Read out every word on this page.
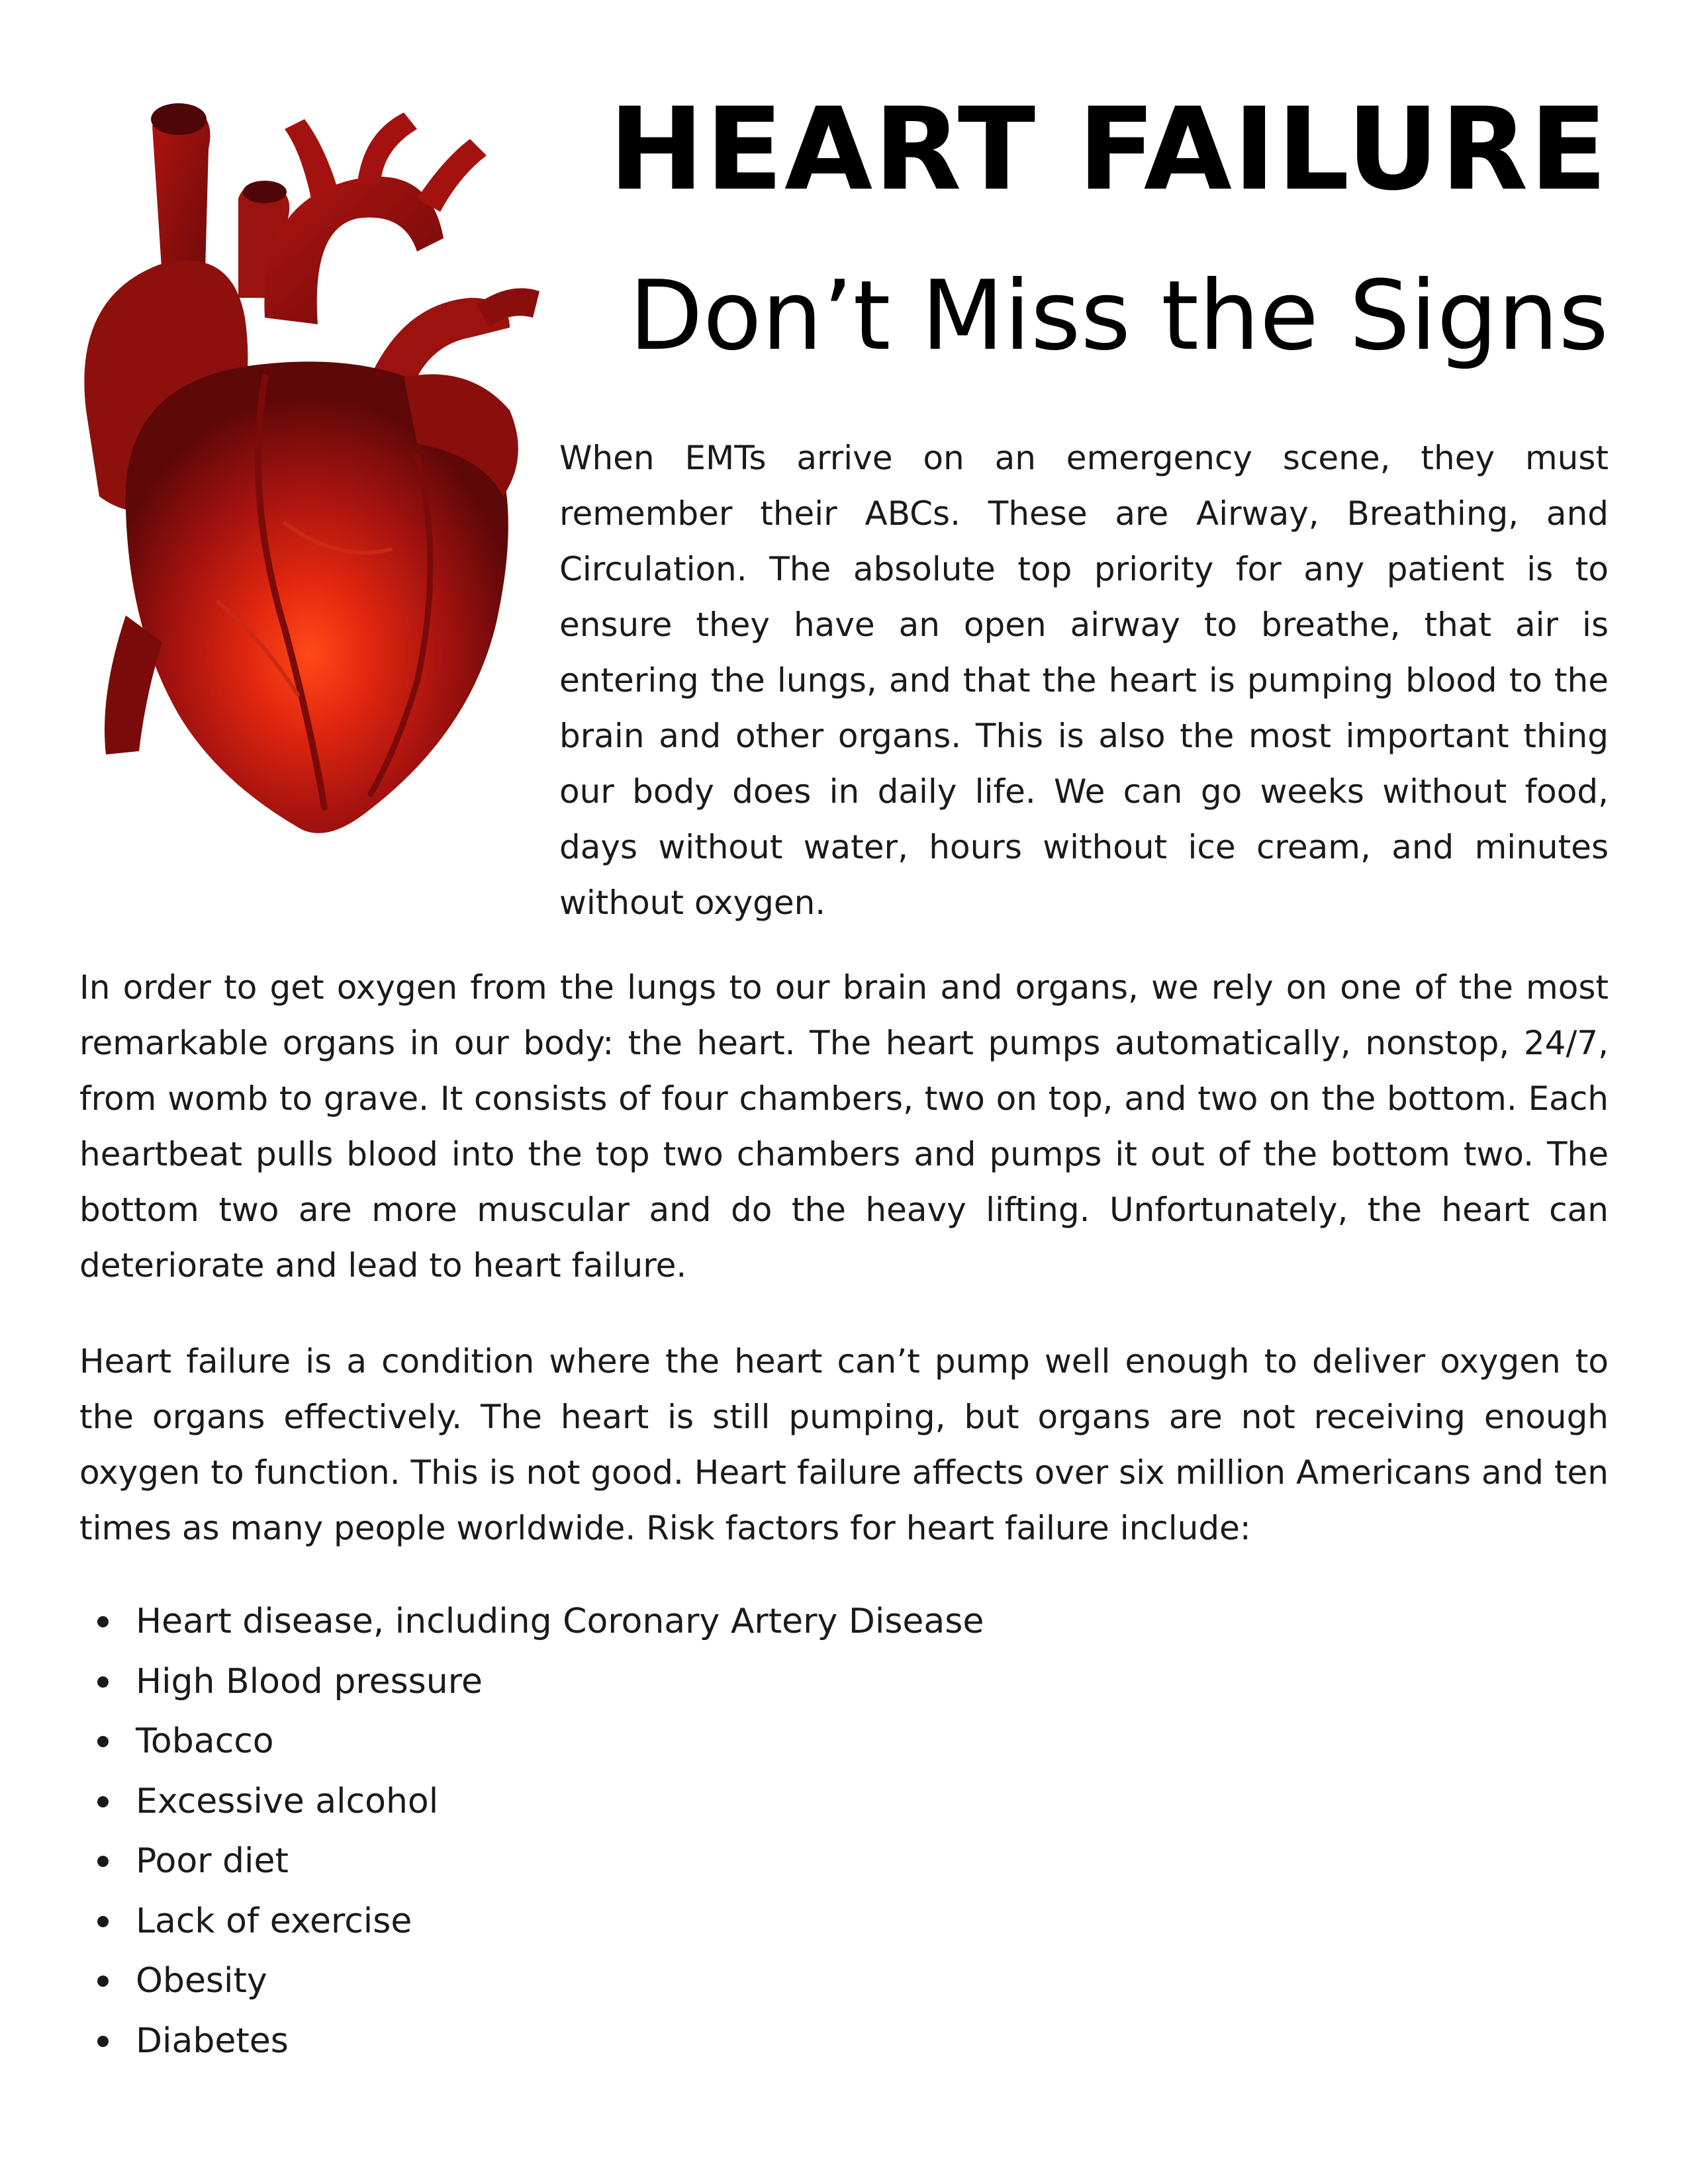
HEART FAILURE
Don’t Miss the Signs

When EMTs arrive on an emergency scene, they must remember their ABCs. These are Airway, Breathing, and Circulation. The absolute top priority for any patient is to ensure they have an open airway to breathe, that air is entering the lungs, and that the heart is pumping blood to the brain and other organs. This is also the most important thing our body does in daily life. We can go weeks without food, days without water, hours without ice cream, and minutes without oxygen.

In order to get oxygen from the lungs to our brain and organs, we rely on one of the most remarkable organs in our body: the heart. The heart pumps automatically, nonstop, 24/7, from womb to grave. It consists of four chambers, two on top, and two on the bottom. Each heartbeat pulls blood into the top two chambers and pumps it out of the bottom two. The bottom two are more muscular and do the heavy lifting. Unfortunately, the heart can deteriorate and lead to heart failure.

Heart failure is a condition where the heart can’t pump well enough to deliver oxygen to the organs effectively. The heart is still pumping, but organs are not receiving enough oxygen to function. This is not good. Heart failure affects over six million Americans and ten times as many people worldwide. Risk factors for heart failure include:

Heart disease, including Coronary Artery Disease
High Blood pressure
Tobacco
Excessive alcohol
Poor diet
Lack of exercise
Obesity
Diabetes
